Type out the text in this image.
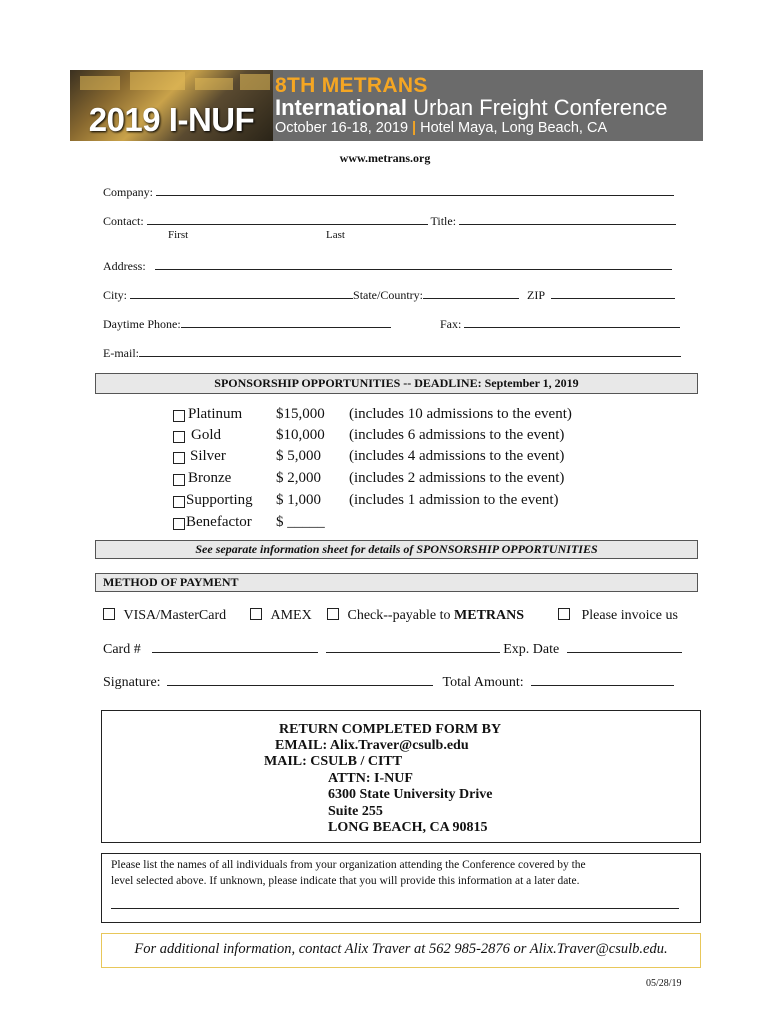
2019 I-NUF
8TH METRANS
International Urban Freight Conference
October 16-18, 2019 | Hotel Maya, Long Beach, CA
www.metrans.org
Company:
Contact:	Title:
First	Last
Address:
City:	State/Country:	ZIP
Daytime Phone:	Fax:
E-mail:
SPONSORSHIP OPPORTUNITIES -- DEADLINE: September 1, 2019
Platinum $15,000 (includes 10 admissions to the event)
Gold	$10,000 (includes 6 admissions to the event)
Silver	$ 5,000 (includes 4 admissions to the event)
Bronze	$ 2,000 (includes 2 admissions to the event)
Supporting $ 1,000 (includes 1 admission to the event)
Benefactor $ _____
See separate information sheet for details of SPONSORSHIP OPPORTUNITIES
METHOD OF PAYMENT
VISA/MasterCard	AMEX	Check--payable to METRANS	Please invoice us
Card #	Exp. Date
Signature:	Total Amount:
RETURN COMPLETED FORM BY
EMAIL: Alix.Traver@csulb.edu
MAIL: CSULB / CITT
ATTN: I-NUF
6300 State University Drive
Suite 255
LONG BEACH, CA 90815
Please list the names of all individuals from your organization attending the Conference covered by the
level selected above. If unknown, please indicate that you will provide this information at a later date.
For additional information, contact Alix Traver at 562 985-2876 or Alix.Traver@csulb.edu.
05/28/19
